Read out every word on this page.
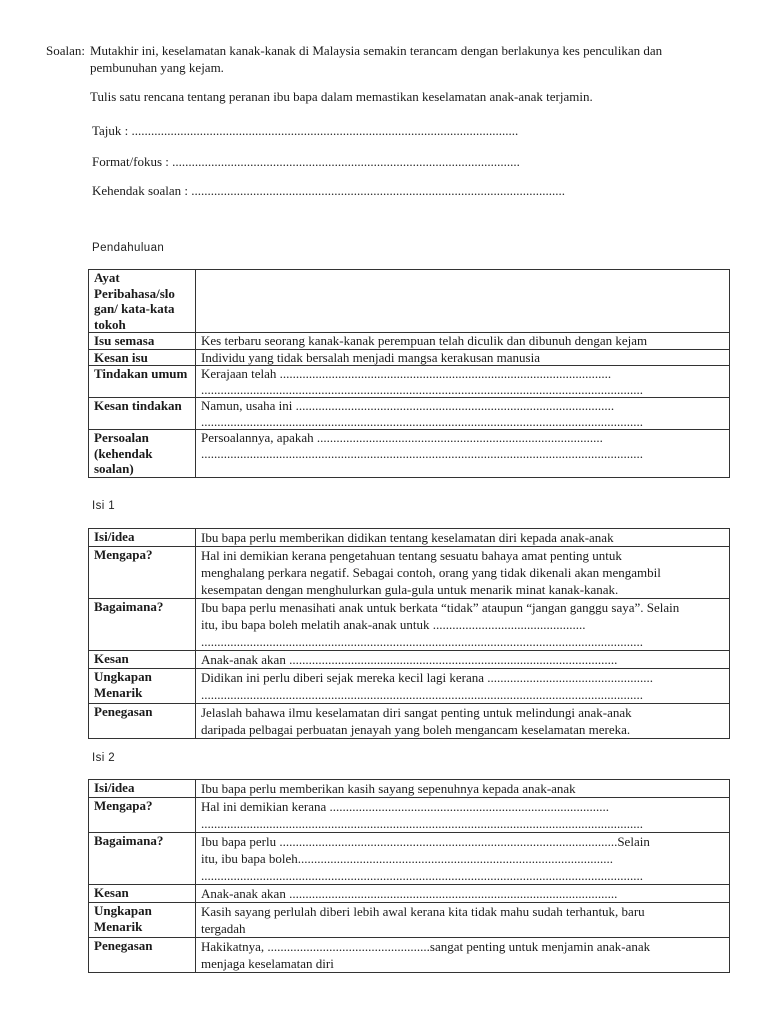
Soalan: Mutakhir ini, keselamatan kanak-kanak di Malaysia semakin terancam dengan berlakunya kes penculikan dan
pembunuhan yang kejam.
Tulis satu rencana tentang peranan ibu bapa dalam memastikan keselamatan anak-anak terjamin.
Tajuk : .......................................................................................................................
Format/fokus : ...........................................................................................................
Kehendak soalan : ...................................................................................................................
Pendahuluan
Ayat Peribahasa/slo gan/ kata-kata tokoh	

Isu semasa	Kes terbaru seorang kanak-kanak perempuan telah diculik dan dibunuh dengan kejam

Kesan isu	Individu yang tidak bersalah menjadi mangsa kerakusan manusia

Tindakan umum	Kerajaan telah ......................................................................................................
........................................................................................................................................

Kesan tindakan	Namun, usaha ini ..................................................................................................
........................................................................................................................................

Persoalan (kehendak soalan)	Persoalannya, apakah ........................................................................................
........................................................................................................................................
Isi 1
Isi/idea	Ibu bapa perlu memberikan didikan tentang keselamatan diri kepada anak-anak

Mengapa?	Hal ini demikian kerana pengetahuan tentang sesuatu bahaya amat penting untuk
menghalang perkara negatif. Sebagai contoh, orang yang tidak dikenali akan mengambil
kesempatan dengan menghulurkan gula-gula untuk menarik minat kanak-kanak.

Bagaimana?	Ibu bapa perlu menasihati anak untuk berkata “tidak” ataupun “jangan ganggu saya”. Selain
itu, ibu bapa boleh melatih anak-anak untuk ...............................................
........................................................................................................................................

Kesan	Anak-anak akan .....................................................................................................

Ungkapan Menarik	Didikan ini perlu diberi sejak mereka kecil lagi kerana ...................................................
........................................................................................................................................

Penegasan	Jelaslah bahawa ilmu keselamatan diri sangat penting untuk melindungi anak-anak
daripada pelbagai perbuatan jenayah yang boleh mengancam keselamatan mereka.
Isi 2
Isi/idea	Ibu bapa perlu memberikan kasih sayang sepenuhnya kepada anak-anak

Mengapa?	Hal ini demikian kerana ......................................................................................
........................................................................................................................................

Bagaimana?	Ibu bapa perlu ........................................................................................................Selain
itu, ibu bapa boleh.................................................................................................
........................................................................................................................................

Kesan	Anak-anak akan .....................................................................................................

Ungkapan Menarik	Kasih sayang perlulah diberi lebih awal kerana kita tidak mahu sudah terhantuk, baru
tergadah

Penegasan	Hakikatnya, ..................................................sangat penting untuk menjamin anak-anak
menjaga keselamatan diri
